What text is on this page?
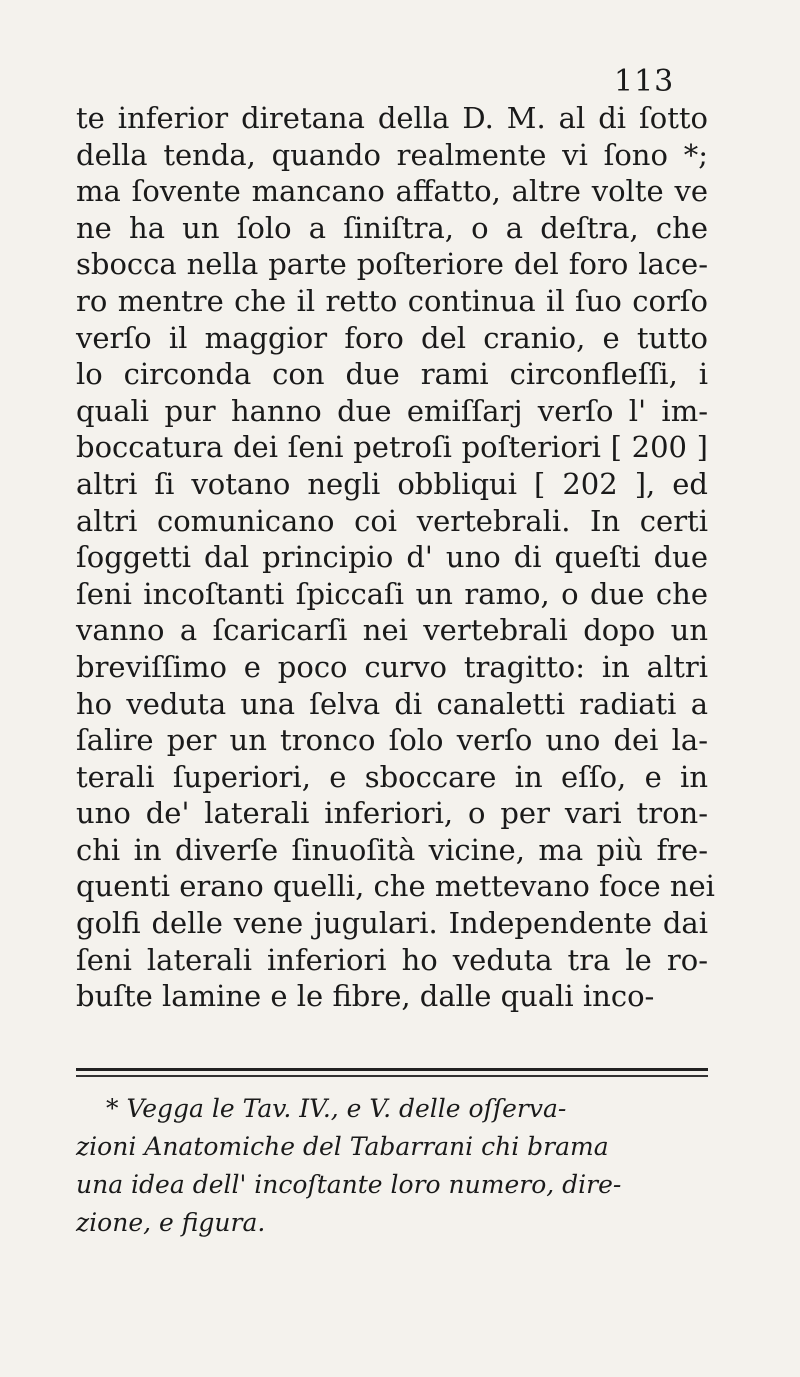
113
te inferior diretana della D. M. al di ſotto
della tenda, quando realmente vi ſono *;
ma ſovente mancano affatto, altre volte ve
ne ha un ſolo a ſiniſtra, o a deſtra, che
sbocca nella parte poſteriore del foro lace-
ro mentre che il retto continua il ſuo corſo
verſo il maggior foro del cranio, e tutto
lo circonda con due rami circonfleſſi, i
quali pur hanno due emiſſarj verſo l' im-
boccatura dei ſeni petroſi poſteriori [ 200 ]
altri ſi votano negli obbliqui [ 202 ], ed
altri comunicano coi vertebrali. In certi
ſoggetti dal principio d' uno di queſti due
ſeni incoſtanti ſpiccaſi un ramo, o due che
vanno a ſcaricarſi nei vertebrali dopo un
breviſſimo e poco curvo tragitto: in altri
ho veduta una ſelva di canaletti radiati a
ſalire per un tronco ſolo verſo uno dei la-
terali ſuperiori, e sboccare in eſſo, e in
uno de' laterali inferiori, o per vari tron-
chi in diverſe ſinuoſità vicine, ma più fre-
quenti erano quelli, che mettevano foce nei
golfi delle vene jugulari. Independente dai
ſeni laterali inferiori ho veduta tra le ro-
buſte lamine e le fibre, dalle quali inco-
* Vegga le Tav. IV., e V. delle oſſerva-
zioni Anatomiche del Tabarrani chi brama
una idea dell' incoſtante loro numero, dire-
zione, e figura.
